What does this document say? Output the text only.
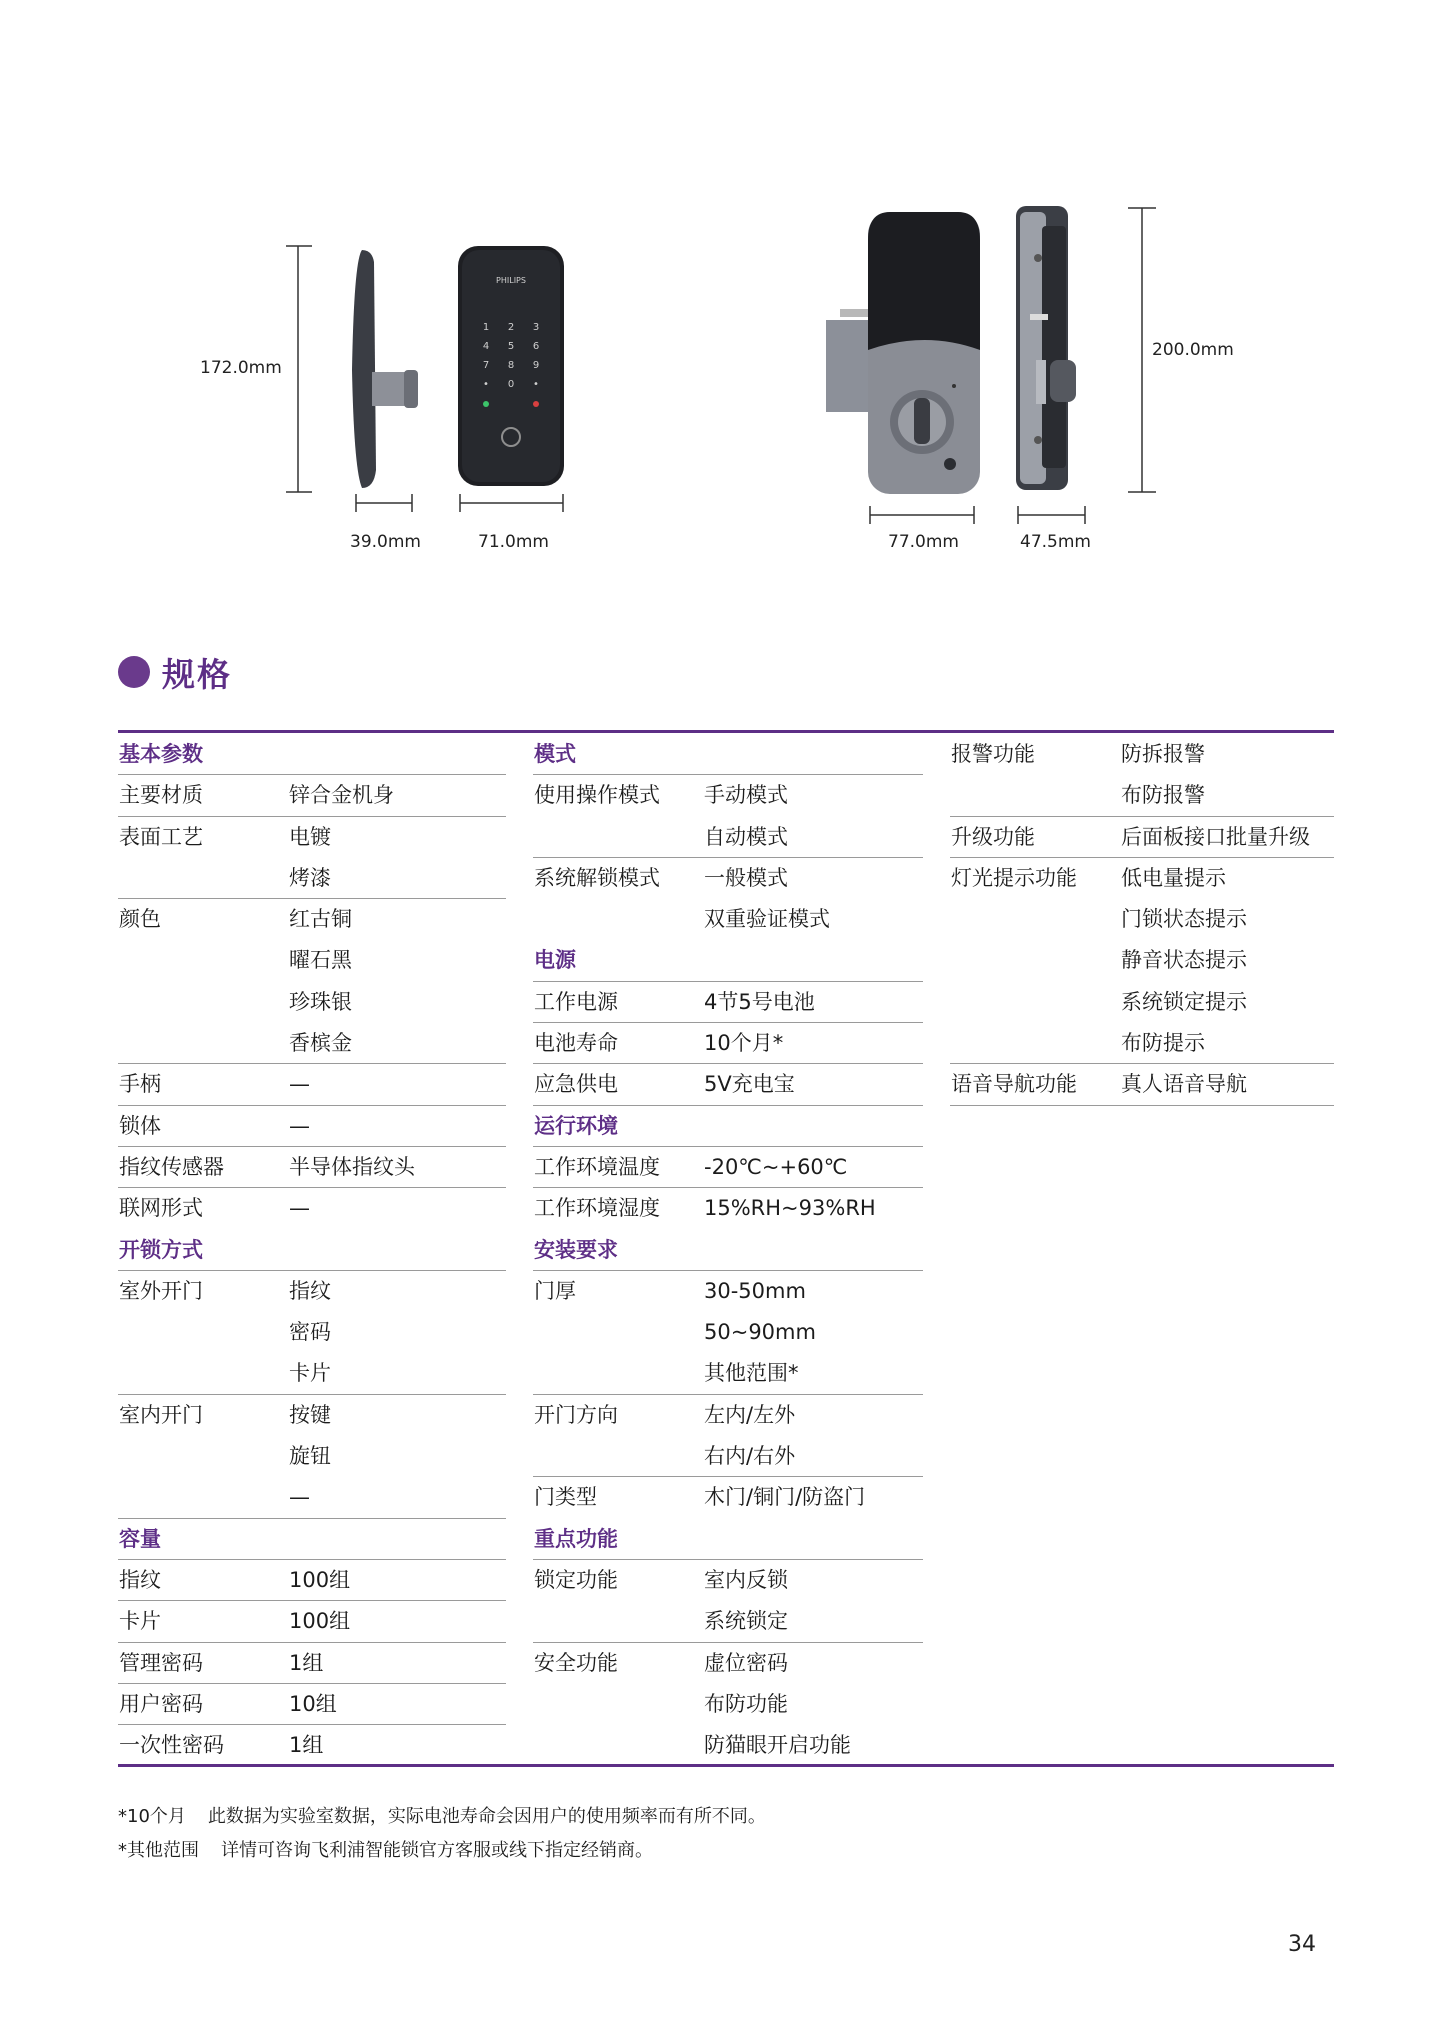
PHILIPS
1 2 3
4 5 6
7 8 9
• 0 •
172.0mm
39.0mm	71.0mm
200.0mm
77.0mm	47.5mm
规格
基本参数
主要材质	锌合金机身
表面工艺	电镀
烤漆
颜色	红古铜
曜石黑
珍珠银
香槟金
手柄	—
锁体	—
指纹传感器	半导体指纹头
联网形式	—
开锁方式
室外开门	指纹
密码
卡片
室内开门	按键
旋钮
—
容量
指纹	100组
卡片	100组
管理密码	1组
用户密码	10组
一次性密码	1组
模式
使用操作模式 手动模式
自动模式
系统解锁模式 一般模式
双重验证模式
电源
工作电源	4节5号电池
电池寿命	10个月*
应急供电	5V充电宝
运行环境
工作环境温度 -20℃~+60℃
工作环境湿度 15%RH~93%RH
安装要求
门厚	30-50mm
50~90mm
其他范围*
开门方向	左内/左外
右内/右外
门类型	木门/铜门/防盗门
重点功能
锁定功能	室内反锁
系统锁定
安全功能	虚位密码
布防功能
防猫眼开启功能
报警功能	防拆报警
布防报警
升级功能	后面板接口批量升级
灯光提示功能 低电量提示
门锁状态提示
静音状态提示
系统锁定提示
布防提示
语音导航功能 真人语音导航
*10个月 此数据为实验室数据，实际电池寿命会因用户的使用频率而有所不同。
*其他范围 详情可咨询飞利浦智能锁官方客服或线下指定经销商。
34
